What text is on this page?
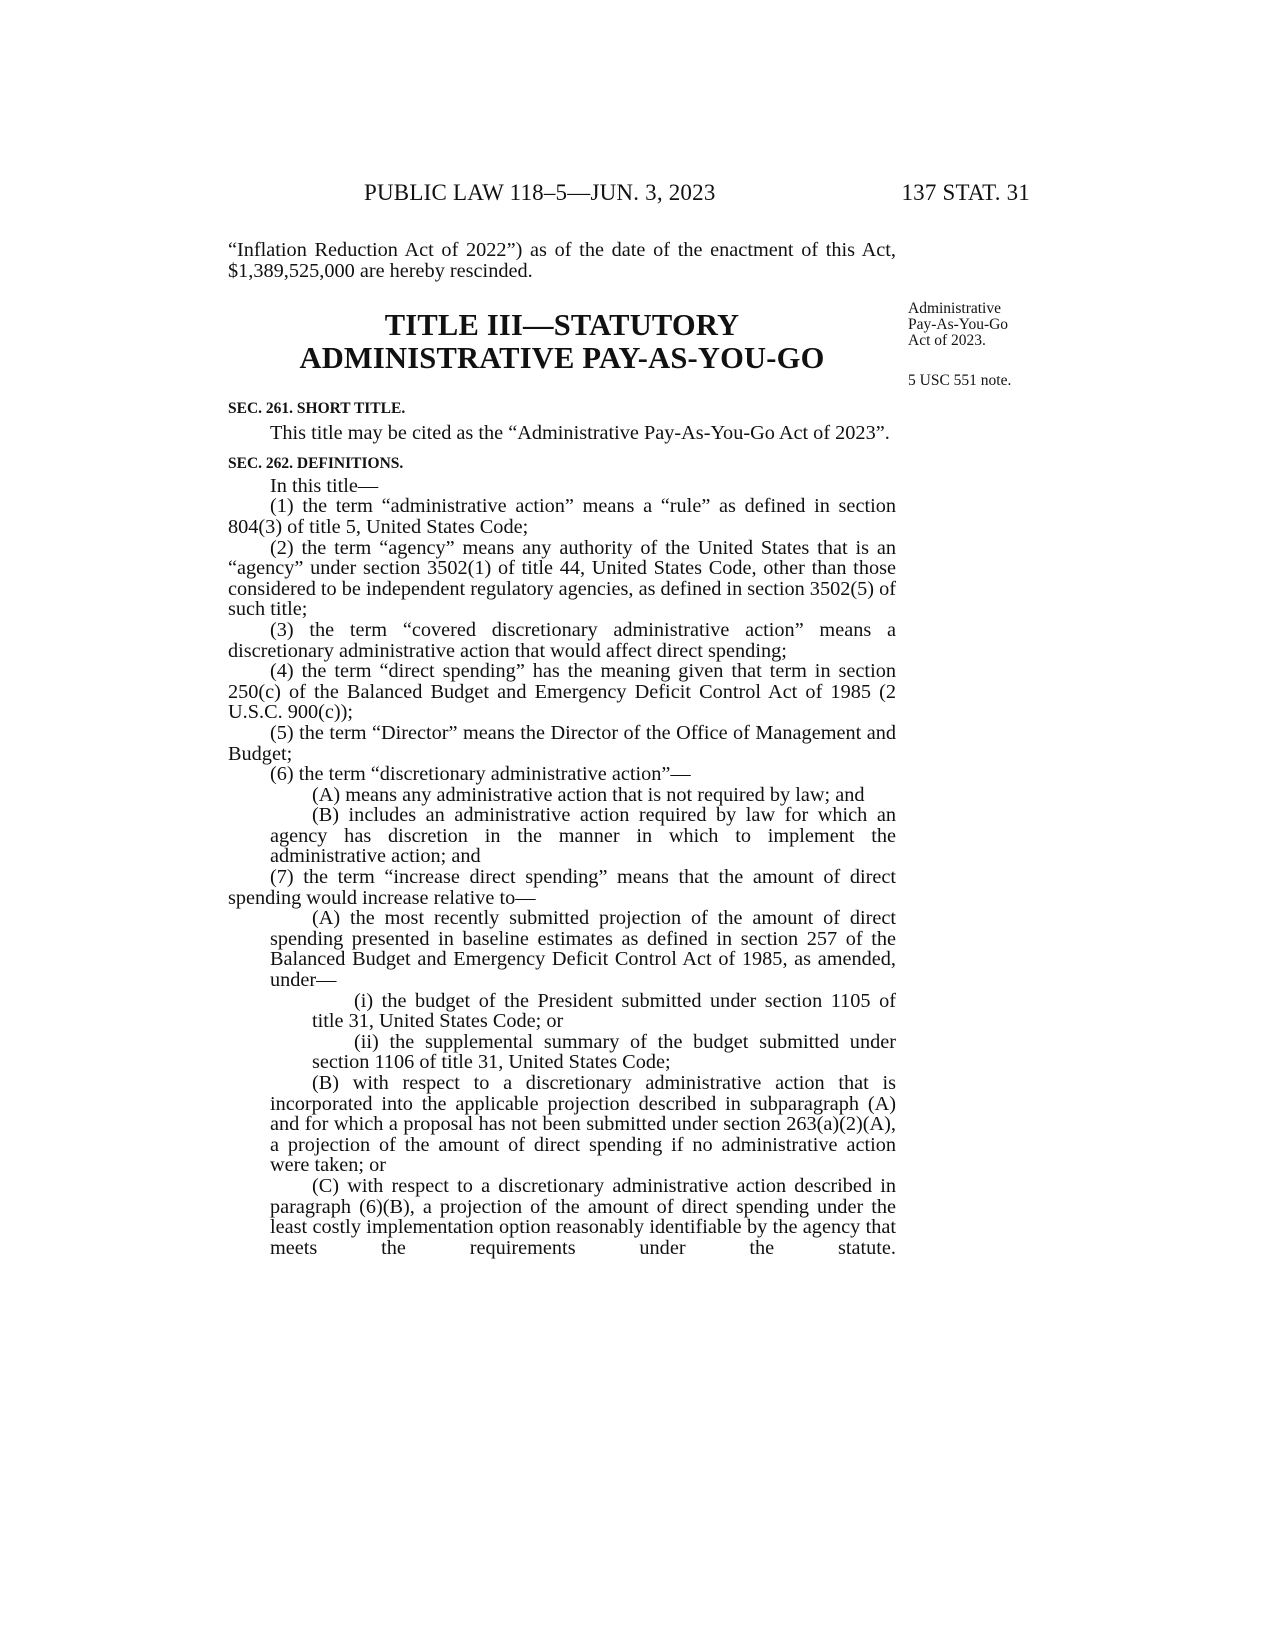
PUBLIC LAW 118–5—JUN. 3, 2023	137 STAT. 31
Administrative
Pay-As-You-Go
Act of 2023.
5 USC 551 note.

“Inflation Reduction Act of 2022”) as of the date of the enactment of this Act, $1,389,525,000 are hereby rescinded.

TITLE III—STATUTORY
ADMINISTRATIVE PAY-AS-YOU-GO

SEC. 261. SHORT TITLE.

This title may be cited as the “Administrative Pay-As-You-Go Act of 2023”.

SEC. 262. DEFINITIONS.

In this title—

(1) the term “administrative action” means a “rule” as defined in section 804(3) of title 5, United States Code;

(2) the term “agency” means any authority of the United States that is an “agency” under section 3502(1) of title 44, United States Code, other than those considered to be independent regulatory agencies, as defined in section 3502(5) of such title;

(3) the term “covered discretionary administrative action” means a discretionary administrative action that would affect direct spending;

(4) the term “direct spending” has the meaning given that term in section 250(c) of the Balanced Budget and Emergency Deficit Control Act of 1985 (2 U.S.C. 900(c));

(5) the term “Director” means the Director of the Office of Management and Budget;

(6) the term “discretionary administrative action”—

(A) means any administrative action that is not required by law; and

(B) includes an administrative action required by law for which an agency has discretion in the manner in which to implement the administrative action; and

(7) the term “increase direct spending” means that the amount of direct spending would increase relative to—

(A) the most recently submitted projection of the amount of direct spending presented in baseline estimates as defined in section 257 of the Balanced Budget and Emergency Deficit Control Act of 1985, as amended, under—

(i) the budget of the President submitted under section 1105 of title 31, United States Code; or

(ii) the supplemental summary of the budget submitted under section 1106 of title 31, United States Code;

(B) with respect to a discretionary administrative action that is incorporated into the applicable projection described in subparagraph (A) and for which a proposal has not been submitted under section 263(a)(2)(A), a projection of the amount of direct spending if no administrative action were taken; or

(C) with respect to a discretionary administrative action described in paragraph (6)(B), a projection of the amount of direct spending under the least costly implementation option reasonably identifiable by the agency that meets the requirements under the statute.
